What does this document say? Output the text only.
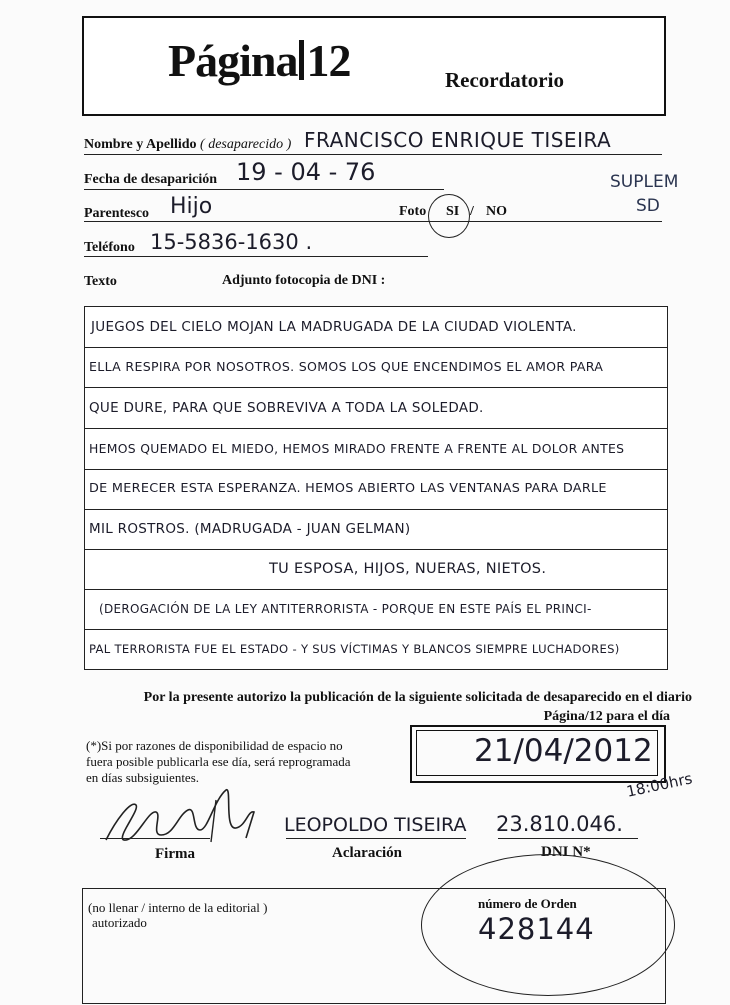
Página 12	Recordatorio
Nombre y Apellido ( desaparecido ) FRANCISCO ENRIQUE TISEIRA
Fecha de desaparición 19 - 04 - 76	SUPLEM
SD
Parentesco Hijo	Foto SI / NO
Teléfono 15-5836-1630 .
Texto	Adjunto fotocopia de DNI :
JUEGOS DEL CIELO MOJAN LA MADRUGADA DE LA CIUDAD VIOLENTA.
ELLA RESPIRA POR NOSOTROS. SOMOS LOS QUE ENCENDIMOS EL AMOR PARA
QUE DURE, PARA QUE SOBREVIVA A TODA LA SOLEDAD.
HEMOS QUEMADO EL MIEDO, HEMOS MIRADO FRENTE A FRENTE AL DOLOR ANTES
DE MERECER ESTA ESPERANZA. HEMOS ABIERTO LAS VENTANAS PARA DARLE
MIL ROSTROS. (MADRUGADA - JUAN GELMAN)
TU ESPOSA, HIJOS, NUERAS, NIETOS.
(DEROGACIÓN DE LA LEY ANTITERRORISTA - PORQUE EN ESTE PAÍS EL PRINCI-
PAL TERRORISTA FUE EL ESTADO - Y SUS VÍCTIMAS Y BLANCOS SIEMPRE LUCHADORES)
Por la presente autorizo la publicación de la siguiente solicitada de desaparecido en el diario
Página/12 para el día
(*)Si por razones de disponibilidad de espacio no
fuera posible publicarla ese día, será reprogramada
en días subsiguientes.
21/04/2012
18:00hrs
LEOPOLDO TISEIRA 23.810.046.
Firma	Aclaración	DNI N*
(no llenar / interno de la editorial )
autorizado
número de Orden
428144
